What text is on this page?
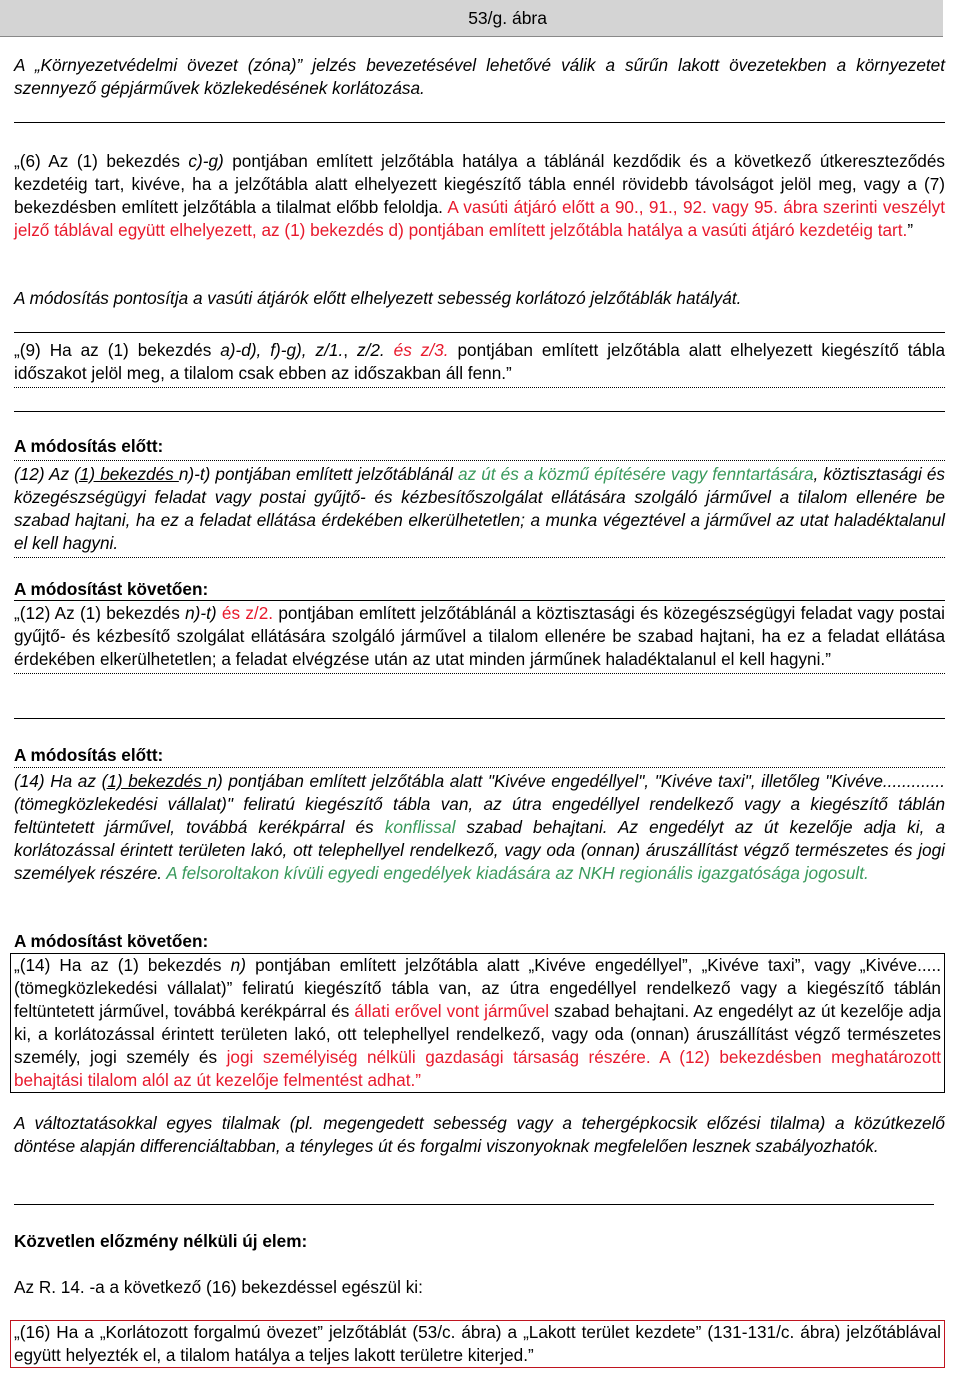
53/g. ábra

A „Környezetvédelmi övezet (zóna)” jelzés bevezetésével lehetővé válik a sűrűn lakott övezetekben a környezetet szennyező gépjárművek közlekedésének korlátozása.

„(6) Az (1) bekezdés c)-g) pontjában említett jelzőtábla hatálya a táblánál kezdődik és a következő útkereszteződés kezdetéig tart, kivéve, ha a jelzőtábla alatt elhelyezett kiegészítő tábla ennél rövidebb távolságot jelöl meg, vagy a (7) bekezdésben említett jelzőtábla a tilalmat előbb feloldja. A vasúti átjáró előtt a 90., 91., 92. vagy 95. ábra szerinti veszélyt jelző táblával együtt elhelyezett, az (1) bekezdés d) pontjában említett jelzőtábla hatálya a vasúti átjáró kezdetéig tart.”

A módosítás pontosítja a vasúti átjárók előtt elhelyezett sebesség korlátozó jelzőtáblák hatályát.

„(9) Ha az (1) bekezdés a)-d), f)-g), z/1., z/2. és z/3. pontjában említett jelzőtábla alatt elhelyezett kiegészítő tábla időszakot jelöl meg, a tilalom csak ebben az időszakban áll fenn.”

A módosítás előtt:

(12) Az (1) bekezdés n)-t) pontjában említett jelzőtáblánál az út és a közmű építésére vagy fenntartására, köztisztasági és közegészségügyi feladat vagy postai gyűjtő- és kézbesítőszolgálat ellátására szolgáló járművel a tilalom ellenére be szabad hajtani, ha ez a feladat ellátása érdekében elkerülhetetlen; a munka végeztével a járművel az utat haladéktalanul el kell hagyni.

A módosítást követően:

„(12) Az (1) bekezdés n)-t) és z/2. pontjában említett jelzőtáblánál a köztisztasági és közegészségügyi feladat vagy postai gyűjtő- és kézbesítő szolgálat ellátására szolgáló járművel a tilalom ellenére be szabad hajtani, ha ez a feladat ellátása érdekében elkerülhetetlen; a feladat elvégzése után az utat minden járműnek haladéktalanul el kell hagyni.”

A módosítás előtt:

(14) Ha az (1) bekezdés n) pontjában említett jelzőtábla alatt "Kivéve engedéllyel", "Kivéve taxi", illetőleg "Kivéve............. (tömegközlekedési vállalat)" feliratú kiegészítő tábla van, az útra engedéllyel rendelkező vagy a kiegészítő táblán feltüntetett járművel, továbbá kerékpárral és konflissal szabad behajtani. Az engedélyt az út kezelője adja ki, a korlátozással érintett területen lakó, ott telephellyel rendelkező, vagy oda (onnan) áruszállítást végző természetes és jogi személyek részére. A felsoroltakon kívüli egyedi engedélyek kiadására az NKH regionális igazgatósága jogosult.

A módosítást követően:

„(14) Ha az (1) bekezdés n) pontjában említett jelzőtábla alatt „Kivéve engedéllyel”, „Kivéve taxi”, vagy „Kivéve.....(tömegközlekedési vállalat)” feliratú kiegészítő tábla van, az útra engedéllyel rendelkező vagy a kiegészítő táblán feltüntetett járművel, továbbá kerékpárral és állati erővel vont járművel szabad behajtani. Az engedélyt az út kezelője adja ki, a korlátozással érintett területen lakó, ott telephellyel rendelkező, vagy oda (onnan) áruszállítást végző természetes személy, jogi személy és jogi személyiség nélküli gazdasági társaság részére. A (12) bekezdésben meghatározott behajtási tilalom alól az út kezelője felmentést adhat.”

A változtatásokkal egyes tilalmak (pl. megengedett sebesség vagy a tehergépkocsik előzési tilalma) a közútkezelő döntése alapján differenciáltabban, a tényleges út és forgalmi viszonyoknak megfelelően lesznek szabályozhatók.

Közvetlen előzmény nélküli új elem:

Az R. 14. -a a következő (16) bekezdéssel egészül ki:

„(16) Ha a „Korlátozott forgalmú övezet” jelzőtáblát (53/c. ábra) a „Lakott terület kezdete” (131-131/c. ábra) jelzőtáblával együtt helyezték el, a tilalom hatálya a teljes lakott területre kiterjed.”
